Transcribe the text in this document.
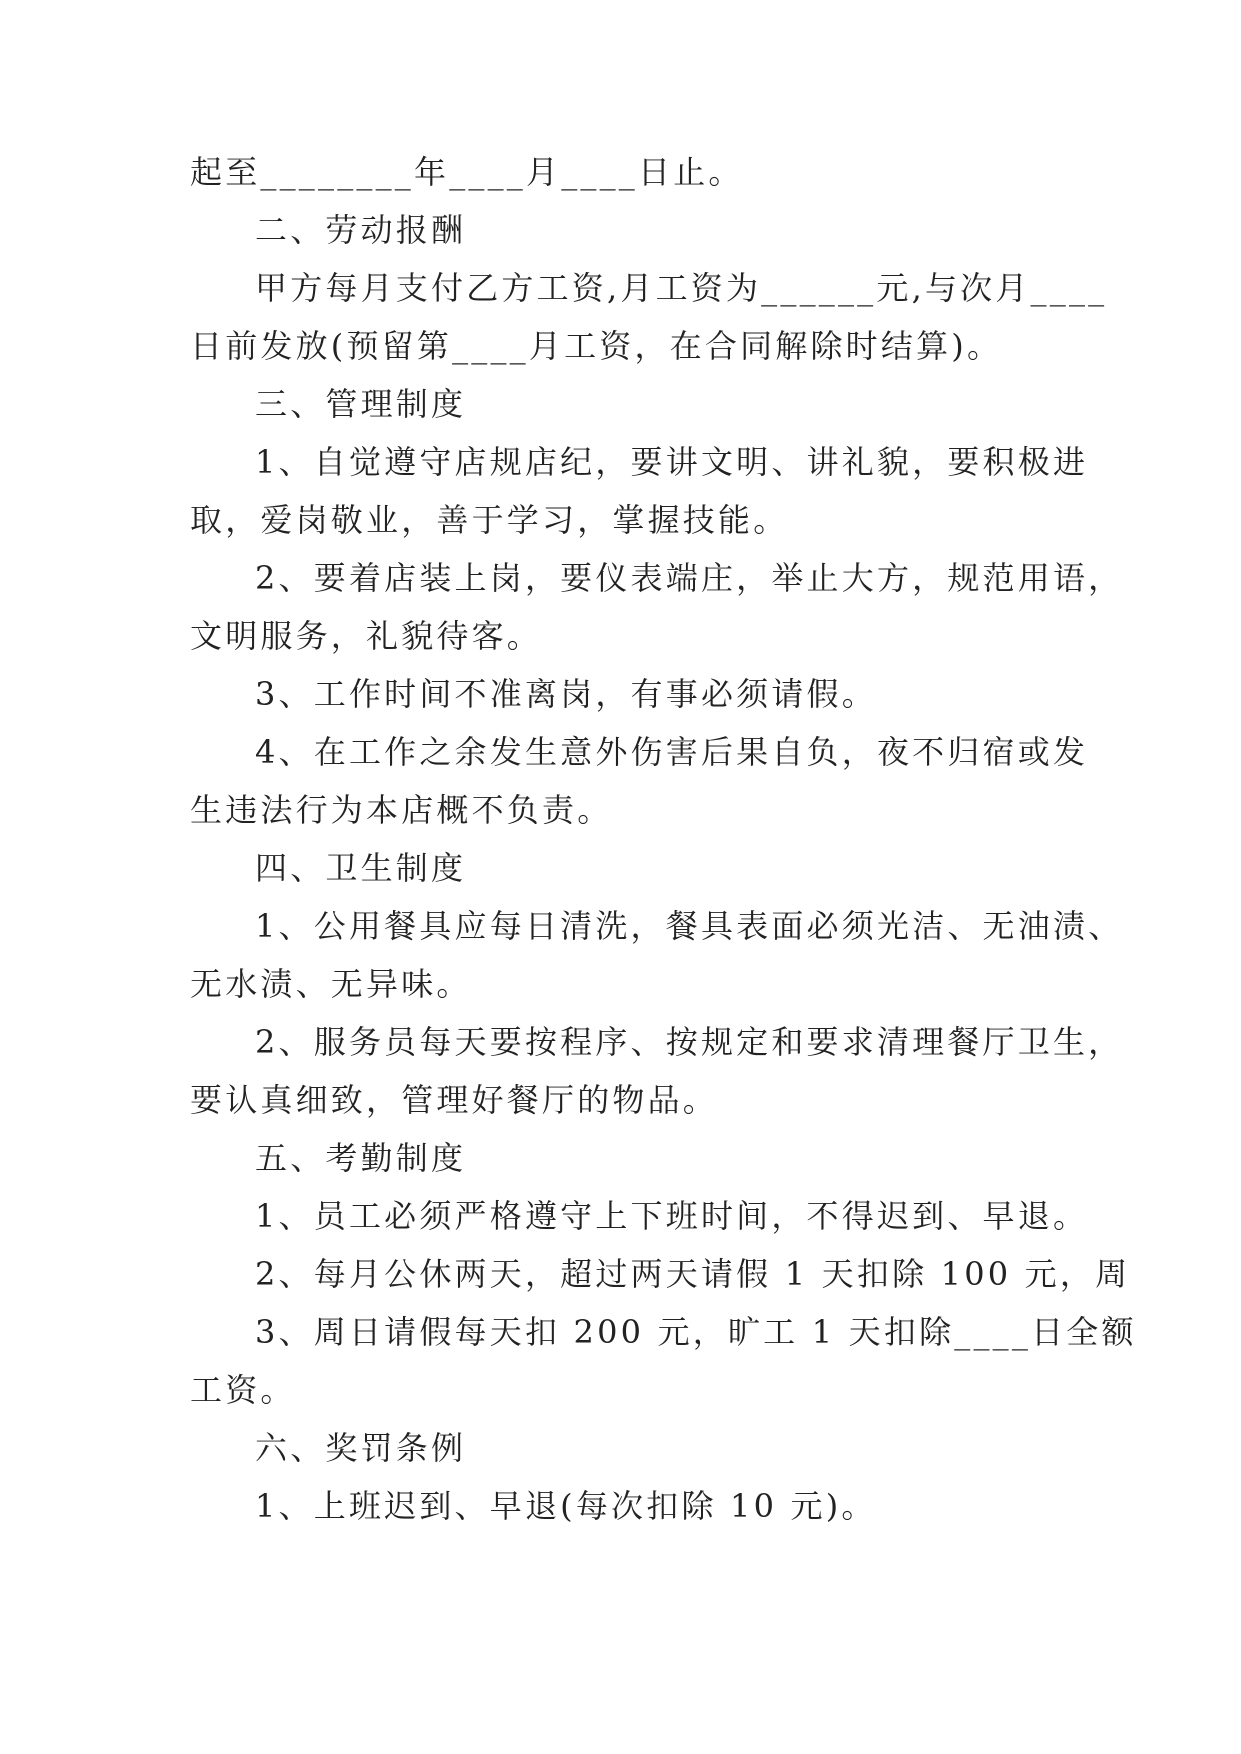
起至________年____月____日止。
二、劳动报酬
甲方每月支付乙方工资,月工资为______元,与次月____
日前发放(预留第____月工资，在合同解除时结算)。
三、管理制度
1、自觉遵守店规店纪，要讲文明、讲礼貌，要积极进
取，爱岗敬业，善于学习，掌握技能。
2、要着店装上岗，要仪表端庄，举止大方，规范用语，
文明服务，礼貌待客。
3、工作时间不准离岗，有事必须请假。
4、在工作之余发生意外伤害后果自负，夜不归宿或发
生违法行为本店概不负责。
四、卫生制度
1、公用餐具应每日清洗，餐具表面必须光洁、无油渍、
无水渍、无异味。
2、服务员每天要按程序、按规定和要求清理餐厅卫生，
要认真细致，管理好餐厅的物品。
五、考勤制度
1、员工必须严格遵守上下班时间，不得迟到、早退。
2、每月公休两天，超过两天请假 1 天扣除 100 元，周
3、周日请假每天扣 200 元，旷工 1 天扣除____日全额
工资。
六、奖罚条例
1、上班迟到、早退(每次扣除 10 元)。
